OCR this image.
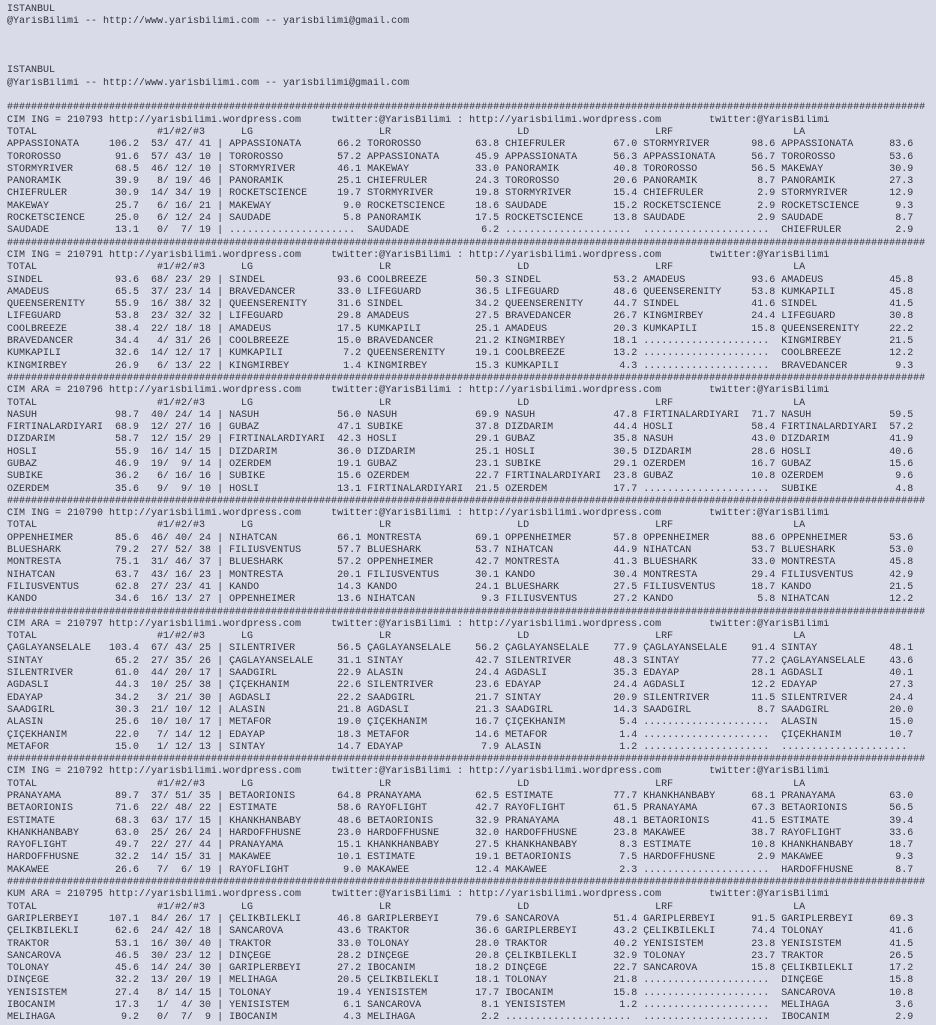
ISTANBUL
@YarisBilimi -- http://www.yarisbilimi.com -- yarisbilimi@gmail.com
ISTANBUL
@YarisBilimi -- http://www.yarisbilimi.com -- yarisbilimi@gmail.com
#########################################################################################################################################################
CIM ING = 210793 http://yarisbilimi.wordpress.com	twitter:@YarisBilimi : http://yarisbilimi.wordpress.com	twitter:@YarisBilimi
TOTAL                    #1/#2/#3      LG                     LR                     LD                     LRF                    LA
APPASSIONATA     106.2  53/ 47/ 41 | APPASSIONATA      66.2 TOROROSSO         63.8 CHIEFRULER        67.0 STORMYRIVER       98.6 APPASSIONATA      83.6
TOROROSSO         91.6  57/ 43/ 10 | TOROROSSO         57.2 APPASSIONATA      45.9 APPASSIONATA      56.3 APPASSIONATA      56.7 TOROROSSO         53.6
STORMYRIVER       68.5  46/ 12/ 10 | STORMYRIVER       46.1 MAKEWAY           33.0 PANORAMIK         40.8 TOROROSSO         56.5 MAKEWAY           30.9
PANORAMIK         39.9   8/ 19/ 46 | PANORAMIK         25.1 CHIEFRULER        24.3 TOROROSSO         20.6 PANORAMIK          8.7 PANORAMIK         27.3
CHIEFRULER        30.9  14/ 34/ 19 | ROCKETSCIENCE     19.7 STORMYRIVER       19.8 STORMYRIVER       15.4 CHIEFRULER         2.9 STORMYRIVER       12.9
MAKEWAY           25.7   6/ 16/ 21 | MAKEWAY            9.0 ROCKETSCIENCE     18.6 SAUDADE           15.2 ROCKETSCIENCE      2.9 ROCKETSCIENCE      9.3
ROCKETSCIENCE     25.0   6/ 12/ 24 | SAUDADE            5.8 PANORAMIK         17.5 ROCKETSCIENCE     13.8 SAUDADE            2.9 SAUDADE            8.7
SAUDADE           13.1   0/  7/ 19 | .....................  SAUDADE            6.2 .....................  .....................  CHIEFRULER         2.9
#########################################################################################################################################################
CIM ING = 210791 http://yarisbilimi.wordpress.com	twitter:@YarisBilimi : http://yarisbilimi.wordpress.com	twitter:@YarisBilimi
TOTAL                    #1/#2/#3      LG                     LR                     LD                     LRF                    LA
SINDEL            93.6  68/ 23/ 29 | SINDEL            93.6 COOLBREEZE        50.3 SINDEL            53.2 AMADEUS           93.6 AMADEUS           45.8
AMADEUS           65.5  37/ 23/ 14 | BRAVEDANCER       33.0 LIFEGUARD         36.5 LIFEGUARD         48.6 QUEENSERENITY     53.8 KUMKAPILI         45.8
QUEENSERENITY     55.9  16/ 38/ 32 | QUEENSERENITY     31.6 SINDEL            34.2 QUEENSERENITY     44.7 SINDEL            41.6 SINDEL            41.5
LIFEGUARD         53.8  23/ 32/ 32 | LIFEGUARD         29.8 AMADEUS           27.5 BRAVEDANCER       26.7 KINGMIRBEY        24.4 LIFEGUARD         30.8
COOLBREEZE        38.4  22/ 18/ 18 | AMADEUS           17.5 KUMKAPILI         25.1 AMADEUS           20.3 KUMKAPILI         15.8 QUEENSERENITY     22.2
BRAVEDANCER       34.4   4/ 31/ 26 | COOLBREEZE        15.0 BRAVEDANCER       21.2 KINGMIRBEY        18.1 .....................  KINGMIRBEY        21.5
KUMKAPILI         32.6  14/ 12/ 17 | KUMKAPILI          7.2 QUEENSERENITY     19.1 COOLBREEZE        13.2 .....................  COOLBREEZE        12.2
KINGMIRBEY        26.9   6/ 13/ 22 | KINGMIRBEY         1.4 KINGMIRBEY        15.3 KUMKAPILI          4.3 .....................  BRAVEDANCER        9.3
#########################################################################################################################################################
CIM ARA = 210796 http://yarisbilimi.wordpress.com	twitter:@YarisBilimi : http://yarisbilimi.wordpress.com	twitter:@YarisBilimi
TOTAL                    #1/#2/#3      LG                     LR                     LD                     LRF                    LA
NASUH             98.7  40/ 24/ 14 | NASUH             56.0 NASUH             69.9 NASUH             47.8 FIRTINALARDIYARI  71.7 NASUH             59.5
FIRTINALARDIYARI  68.9  12/ 27/ 16 | GUBAZ             47.1 SUBIKE            37.8 DIZDARIM          44.4 HOSLI             58.4 FIRTINALARDIYARI  57.2
DIZDARIM          58.7  12/ 15/ 29 | FIRTINALARDIYARI  42.3 HOSLI             29.1 GUBAZ             35.8 NASUH             43.0 DIZDARIM          41.9
HOSLI             55.9  16/ 14/ 15 | DIZDARIM          36.0 DIZDARIM          25.1 HOSLI             30.5 DIZDARIM          28.6 HOSLI             40.6
GUBAZ             46.9  19/  9/ 14 | ÖZERDEM           19.1 GUBAZ             23.1 SUBIKE            29.1 ÖZERDEM           16.7 GUBAZ             15.6
SUBIKE            36.2   6/ 16/ 16 | SUBIKE            15.6 ÖZERDEM           22.7 FIRTINALARDIYARI  23.8 GUBAZ             10.8 ÖZERDEM            9.6
ÖZERDEM           35.6   9/  9/ 10 | HOSLI             13.1 FIRTINALARDIYARI  21.5 ÖZERDEM           17.7 .....................  SUBIKE             4.8
#########################################################################################################################################################
CIM ING = 210790 http://yarisbilimi.wordpress.com	twitter:@YarisBilimi : http://yarisbilimi.wordpress.com	twitter:@YarisBilimi
TOTAL                    #1/#2/#3      LG                     LR                     LD                     LRF                    LA
OPPENHEIMER       85.6  46/ 40/ 24 | NIHATCAN          66.1 MONTRESTA         69.1 OPPENHEIMER       57.8 OPPENHEIMER       88.6 OPPENHEIMER       53.6
BLUESHARK         79.2  27/ 52/ 38 | FILIUSVENTUS      57.7 BLUESHARK         53.7 NIHATCAN          44.9 NIHATCAN          53.7 BLUESHARK         53.0
MONTRESTA         75.1  31/ 46/ 37 | BLUESHARK         57.2 OPPENHEIMER       42.7 MONTRESTA         41.3 BLUESHARK         33.0 MONTRESTA         45.8
NIHATCAN          63.7  43/ 16/ 23 | MONTRESTA         20.1 FILIUSVENTUS      30.1 KANDO             30.4 MONTRESTA         29.4 FILIUSVENTUS      42.9
FILIUSVENTUS      62.8  27/ 23/ 41 | KANDO             14.3 KANDO             24.1 BLUESHARK         27.5 FILIUSVENTUS      18.7 KANDO             21.5
KANDO             34.6  16/ 13/ 27 | OPPENHEIMER       13.6 NIHATCAN           9.3 FILIUSVENTUS      27.2 KANDO              5.8 NIHATCAN          12.2
#########################################################################################################################################################
CIM ARA = 210797 http://yarisbilimi.wordpress.com	twitter:@YarisBilimi : http://yarisbilimi.wordpress.com	twitter:@YarisBilimi
TOTAL                    #1/#2/#3      LG                     LR                     LD                     LRF                    LA
ÇAGLAYANSELALE   103.4  67/ 43/ 25 | SILENTRIVER       56.5 ÇAGLAYANSELALE    56.2 ÇAGLAYANSELALE    77.9 ÇAGLAYANSELALE    91.4 SINTAY            48.1
SINTAY            65.2  27/ 35/ 26 | ÇAGLAYANSELALE    31.1 SINTAY            42.7 SILENTRIVER       48.3 SINTAY            77.2 ÇAGLAYANSELALE    43.6
SILENTRIVER       61.0  44/ 20/ 17 | SAADGIRL          22.9 ALASIN            24.4 AGDASLI           35.3 EDAYAP            28.1 AGDASLI           40.1
AGDASLI           44.3  10/ 25/ 38 | ÇIÇEKHANIM        22.6 SILENTRIVER       23.6 EDAYAP            24.4 AGDASLI           12.2 EDAYAP            27.3
EDAYAP            34.2   3/ 21/ 30 | AGDASLI           22.2 SAADGIRL          21.7 SINTAY            20.9 SILENTRIVER       11.5 SILENTRIVER       24.4
SAADGIRL          30.3  21/ 10/ 12 | ALASIN            21.8 AGDASLI           21.3 SAADGIRL          14.3 SAADGIRL           8.7 SAADGIRL          20.0
ALASIN            25.6  10/ 10/ 17 | METAFOR           19.0 ÇIÇEKHANIM        16.7 ÇIÇEKHANIM         5.4 .....................  ALASIN            15.0
ÇIÇEKHANIM        22.0   7/ 14/ 12 | EDAYAP            18.3 METAFOR           14.6 METAFOR            1.4 .....................  ÇIÇEKHANIM        10.7
METAFOR           15.0   1/ 12/ 13 | SINTAY            14.7 EDAYAP             7.9 ALASIN             1.2 .....................  .....................
#########################################################################################################################################################
CIM ING = 210792 http://yarisbilimi.wordpress.com	twitter:@YarisBilimi : http://yarisbilimi.wordpress.com	twitter:@YarisBilimi
TOTAL                    #1/#2/#3      LG                     LR                     LD                     LRF                    LA
PRANAYAMA         89.7  37/ 51/ 35 | BETAORIONIS       64.8 PRANAYAMA         62.5 ESTIMATE          77.7 KHANKHANBABY      68.1 PRANAYAMA         63.0
BETAORIONIS       71.6  22/ 48/ 22 | ESTIMATE          58.6 RAYOFLIGHT        42.7 RAYOFLIGHT        61.5 PRANAYAMA         67.3 BETAORIONIS       56.5
ESTIMATE          68.3  63/ 17/ 15 | KHANKHANBABY      48.6 BETAORIONIS       32.9 PRANAYAMA         48.1 BETAORIONIS       41.5 ESTIMATE          39.4
KHANKHANBABY      63.0  25/ 26/ 24 | HARDOFFHÜSNE      23.0 HARDOFFHÜSNE      32.0 HARDOFFHÜSNE      23.8 MAKAWEE           38.7 RAYOFLIGHT        33.6
RAYOFLIGHT        49.7  22/ 27/ 44 | PRANAYAMA         15.1 KHANKHANBABY      27.5 KHANKHANBABY       8.3 ESTIMATE          10.8 KHANKHANBABY      18.7
HARDOFFHÜSNE      32.2  14/ 15/ 31 | MAKAWEE           10.1 ESTIMATE          19.1 BETAORIONIS        7.5 HARDOFFHÜSNE       2.9 MAKAWEE            9.3
MAKAWEE           26.6   7/  6/ 19 | RAYOFLIGHT         9.0 MAKAWEE           12.4 MAKAWEE            2.3 .....................  HARDOFFHÜSNE       8.7
#########################################################################################################################################################
KUM ARA = 210795 http://yarisbilimi.wordpress.com	twitter:@YarisBilimi : http://yarisbilimi.wordpress.com	twitter:@YarisBilimi
TOTAL                    #1/#2/#3      LG                     LR                     LD                     LRF                    LA
GARIPLERBEYI     107.1  84/ 26/ 17 | ÇELIKBILEKLI      46.8 GARIPLERBEYI      79.6 SANCAROVA         51.4 GARIPLERBEYI      91.5 GARIPLERBEYI      69.3
ÇELIKBILEKLI      62.6  24/ 42/ 18 | SANCAROVA         43.6 TRAKTÖR           36.6 GARIPLERBEYI      43.2 ÇELIKBILEKLI      74.4 TOLONAY           41.6
TRAKTÖR           53.1  16/ 30/ 40 | TRAKTÖR           33.0 TOLONAY           28.0 TRAKTÖR           40.2 YENISISTEM        23.8 YENISISTEM        41.5
SANCAROVA         46.5  30/ 23/ 12 | DINÇEGE           28.2 DINÇEGE           20.8 ÇELIKBILEKLI      32.9 TOLONAY           23.7 TRAKTÖR           26.5
TOLONAY           45.6  14/ 24/ 30 | GARIPLERBEYI      27.2 IBOCANIM          18.2 DINÇEGE           22.7 SANCAROVA         15.8 ÇELIKBILEKLI      17.2
DINÇEGE           32.2  13/ 20/ 19 | MELIHAGA          20.5 ÇELIKBILEKLI      18.1 TOLONAY           21.8 .....................  DINÇEGE           15.8
YENISISTEM        27.4   8/ 14/ 15 | TOLONAY           19.4 YENISISTEM        17.7 IBOCANIM          15.8 .....................  SANCAROVA         10.8
IBOCANIM          17.3   1/  4/ 30 | YENISISTEM         6.1 SANCAROVA          8.1 YENISISTEM         1.2 .....................  MELIHAGA           3.6
MELIHAGA           9.2   0/  7/  9 | IBOCANIM           4.3 MELIHAGA           2.2 .....................  .....................  IBOCANIM           2.9
